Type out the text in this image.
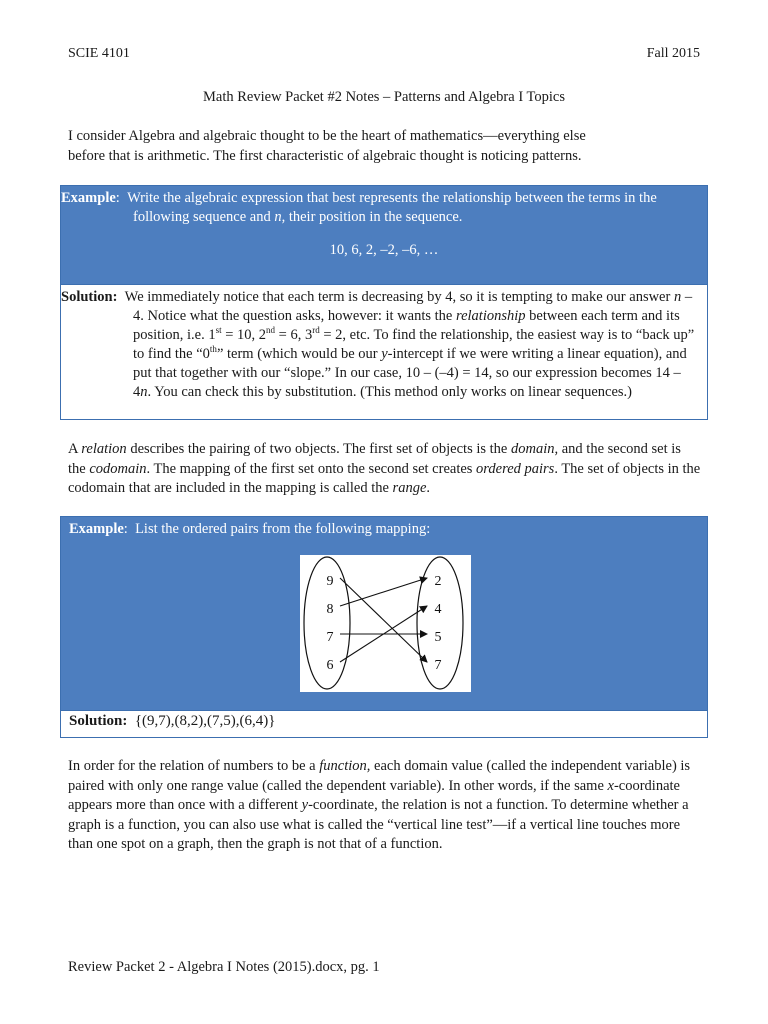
SCIE 4101	Fall 2015
Math Review Packet #2 Notes – Patterns and Algebra I Topics
I consider Algebra and algebraic thought to be the heart of mathematics—everything else
before that is arithmetic. The first characteristic of algebraic thought is noticing patterns.
Example:  Write the algebraic expression that best represents the relationship between the terms in the following sequence and n, their position in the sequence.
10, 6, 2, –2, –6, …
Solution: We immediately notice that each term is decreasing by 4, so it is tempting to make our answer n – 4. Notice what the question asks, however: it wants the relationship between each term and its position, i.e. 1st = 10, 2nd = 6, 3rd = 2, etc. To find the relationship, the easiest way is to “back up” to find the “0th” term (which would be our y-intercept if we were writing a linear equation), and put that together with our “slope.” In our case, 10 – (–4) = 14, so our expression becomes 14 – 4n. You can check this by substitution. (This method only works on linear sequences.)
A relation describes the pairing of two objects. The first set of objects is the domain, and the second set is the codomain. The mapping of the first set onto the second set creates ordered pairs. The set of objects in the codomain that are included in the mapping is called the range.
Example:  List the ordered pairs from the following mapping:
9
8
7
6
2
4
5
7
Solution: {(9,7),(8,2),(7,5),(6,4)}
In order for the relation of numbers to be a function, each domain value (called the independent variable) is paired with only one range value (called the dependent variable). In other words, if the same x-coordinate appears more than once with a different y-coordinate, the relation is not a function. To determine whether a graph is a function, you can also use what is called the “vertical line test”—if a vertical line touches more than one spot on a graph, then the graph is not that of a function.
Review Packet 2 - Algebra I Notes (2015).docx, pg. 1
